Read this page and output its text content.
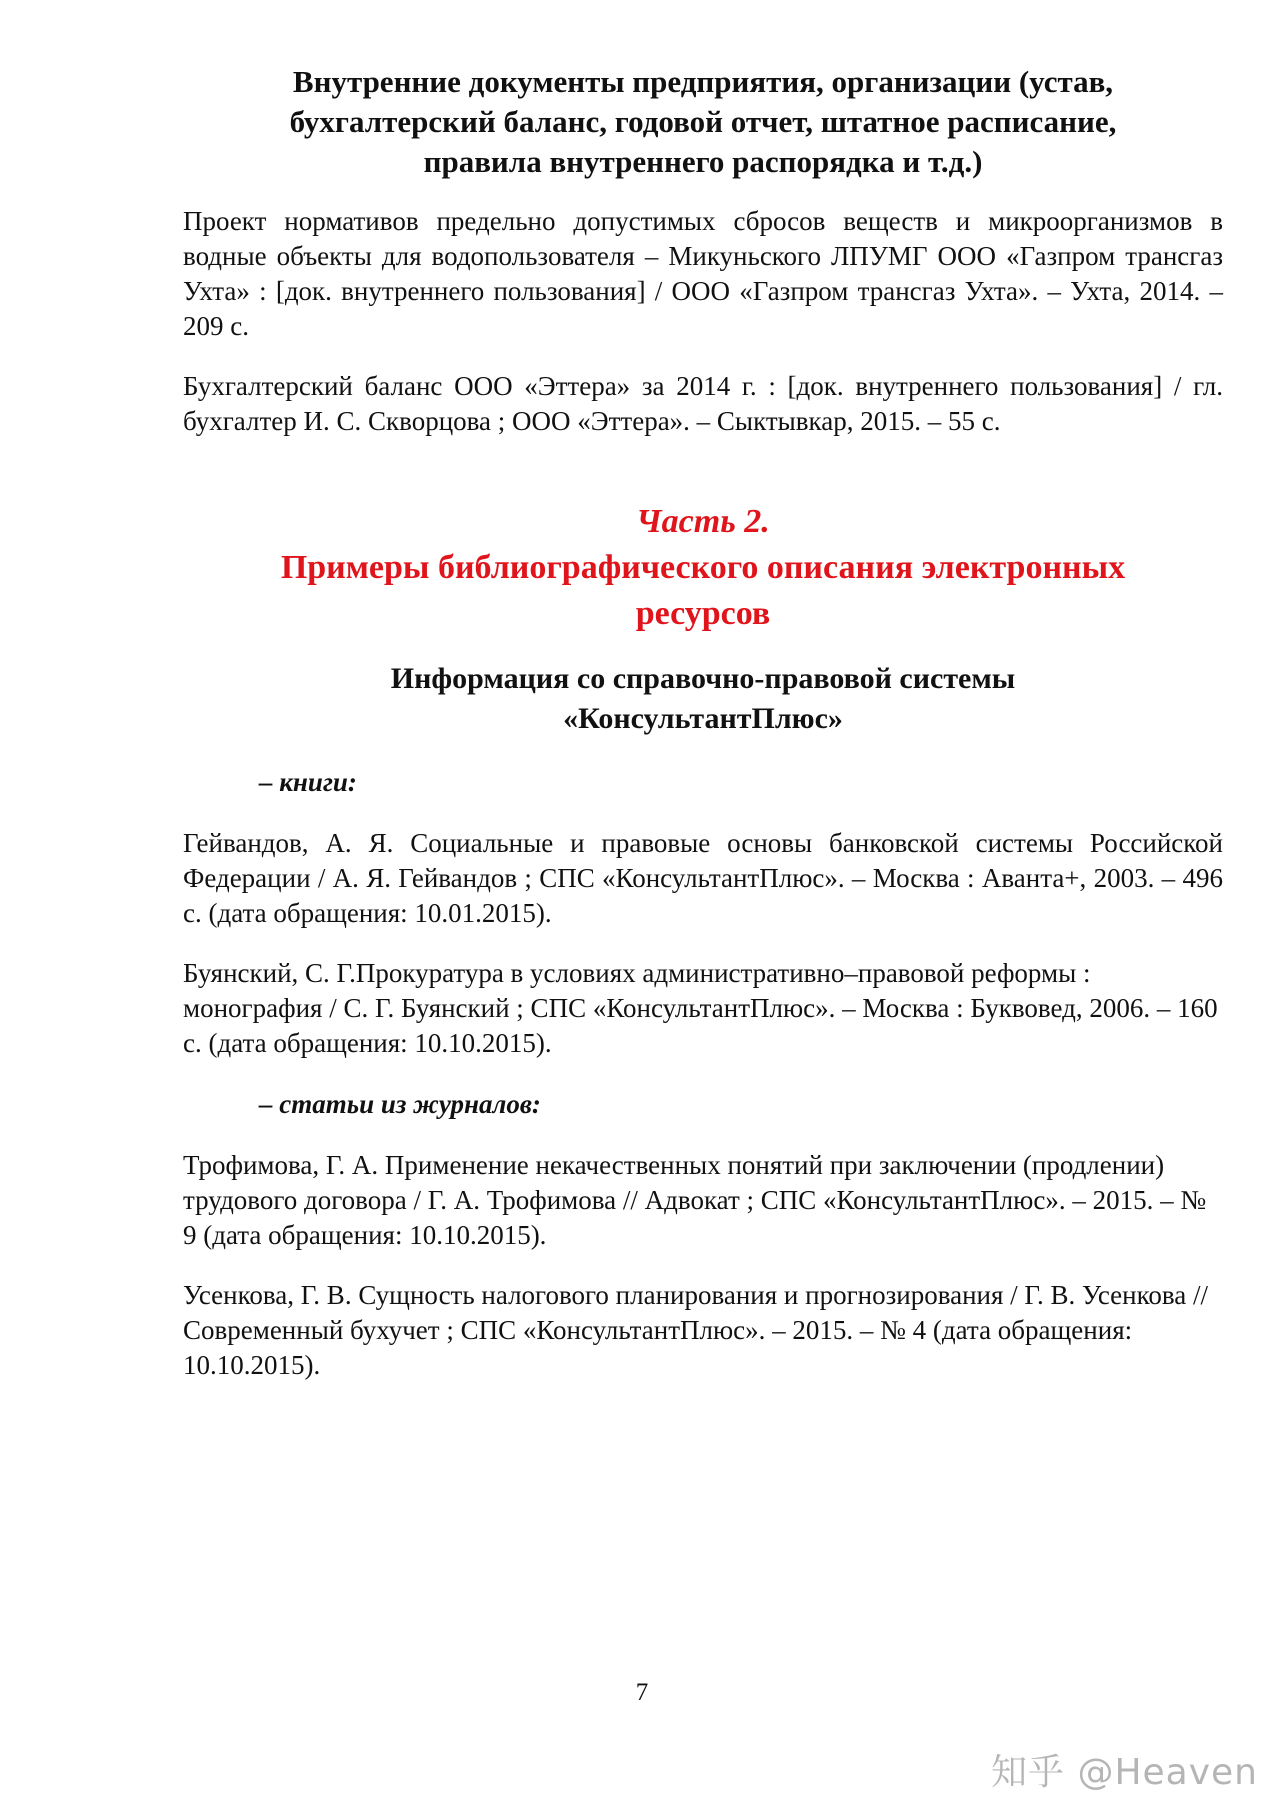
Внутренние документы предприятия, организации (устав,
бухгалтерский баланс, годовой отчет, штатное расписание,
правила внутреннего распорядка и т.д.)

Проект нормативов предельно допустимых сбросов веществ и микроорганизмов в водные объекты для водопользователя – Микуньского ЛПУМГ ООО «Газпром трансгаз Ухта» : [док. внутреннего пользования] / ООО «Газпром трансгаз Ухта». – Ухта, 2014. – 209 с.

Бухгалтерский баланс ООО «Эттера» за 2014 г. : [док. внутреннего пользования] / гл. бухгалтер И. С. Скворцова ; ООО «Эттера». – Сыктывкар, 2015. – 55 с.

Часть 2.
Примеры библиографического описания электронных
ресурсов
Информация со справочно-правовой системы
«КонсультантПлюс»

– книги:

Гейвандов, А. Я. Социальные и правовые основы банковской системы Российской Федерации / А. Я. Гейвандов ; СПС «КонсультантПлюс». – Москва : Аванта+, 2003. – 496 с. (дата обращения: 10.01.2015).

Буянский, С. Г.Прокуратура в условиях административно–правовой реформы : монография / С. Г. Буянский ; СПС «КонсультантПлюс». – Москва : Буквовед, 2006. – 160 с. (дата обращения: 10.10.2015).

– статьи из журналов:

Трофимова, Г. А. Применение некачественных понятий при заключении (продлении) трудового договора / Г. А. Трофимова // Адвокат ; СПС «КонсультантПлюс». – 2015. – № 9 (дата обращения: 10.10.2015).

Усенкова, Г. В. Сущность налогового планирования и прогнозирования / Г. В. Усенкова // Современный бухучет ; СПС «КонсультантПлюс». – 2015. – № 4 (дата обращения: 10.10.2015).

7
知乎 @Heaven
